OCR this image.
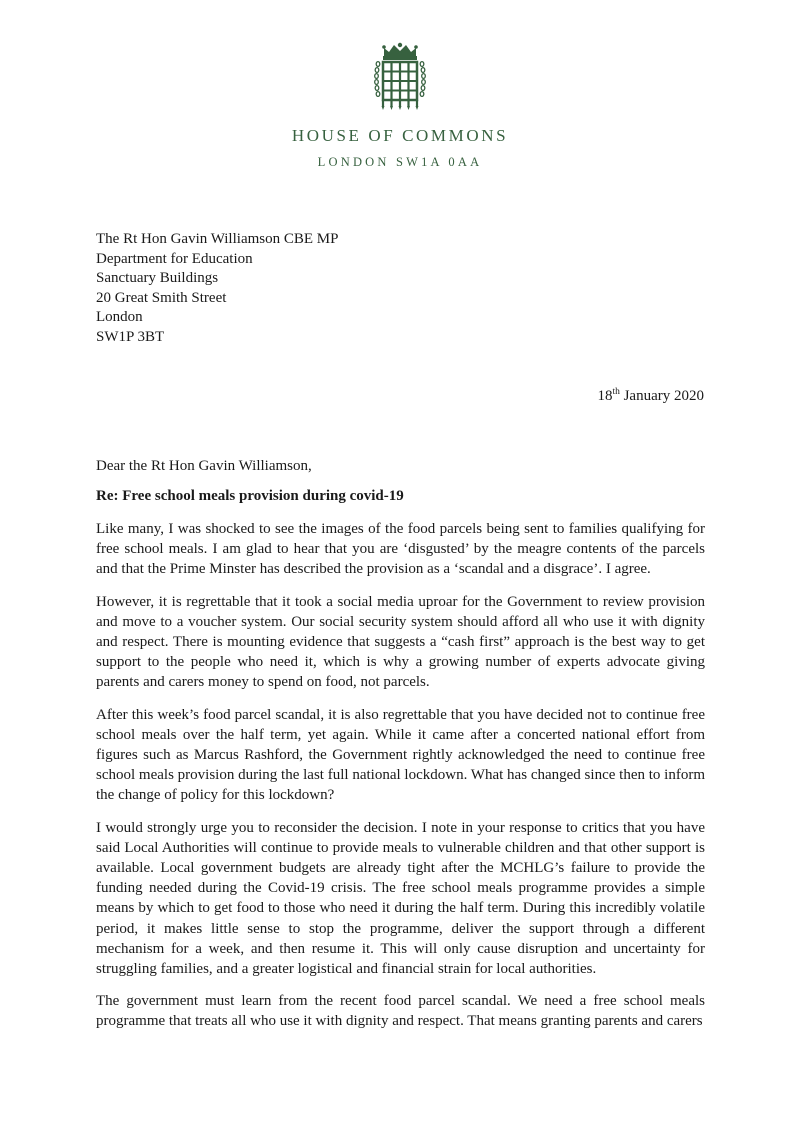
HOUSE OF COMMONS
LONDON SW1A 0AA
The Rt Hon Gavin Williamson CBE MP
Department for Education
Sanctuary Buildings
20 Great Smith Street
London
SW1P 3BT
18th January 2020
Dear the Rt Hon Gavin Williamson,
Re: Free school meals provision during covid-19

Like many, I was shocked to see the images of the food parcels being sent to families qualifying for free school meals. I am glad to hear that you are ‘disgusted’ by the meagre contents of the parcels and that the Prime Minster has described the provision as a ‘scandal and a disgrace’. I agree.

However, it is regrettable that it took a social media uproar for the Government to review provision and move to a voucher system. Our social security system should afford all who use it with dignity and respect. There is mounting evidence that suggests a “cash first” approach is the best way to get support to the people who need it, which is why a growing number of experts advocate giving parents and carers money to spend on food, not parcels.

After this week’s food parcel scandal, it is also regrettable that you have decided not to continue free school meals over the half term, yet again. While it came after a concerted national effort from figures such as Marcus Rashford, the Government rightly acknowledged the need to continue free school meals provision during the last full national lockdown. What has changed since then to inform the change of policy for this lockdown?

I would strongly urge you to reconsider the decision. I note in your response to critics that you have said Local Authorities will continue to provide meals to vulnerable children and that other support is available. Local government budgets are already tight after the MCHLG’s failure to provide the funding needed during the Covid-19 crisis. The free school meals programme provides a simple means by which to get food to those who need it during the half term. During this incredibly volatile period, it makes little sense to stop the programme, deliver the support through a different mechanism for a week, and then resume it. This will only cause disruption and uncertainty for struggling families, and a greater logistical and financial strain for local authorities.

The government must learn from the recent food parcel scandal. We need a free school meals programme that treats all who use it with dignity and respect. That means granting parents and carers
